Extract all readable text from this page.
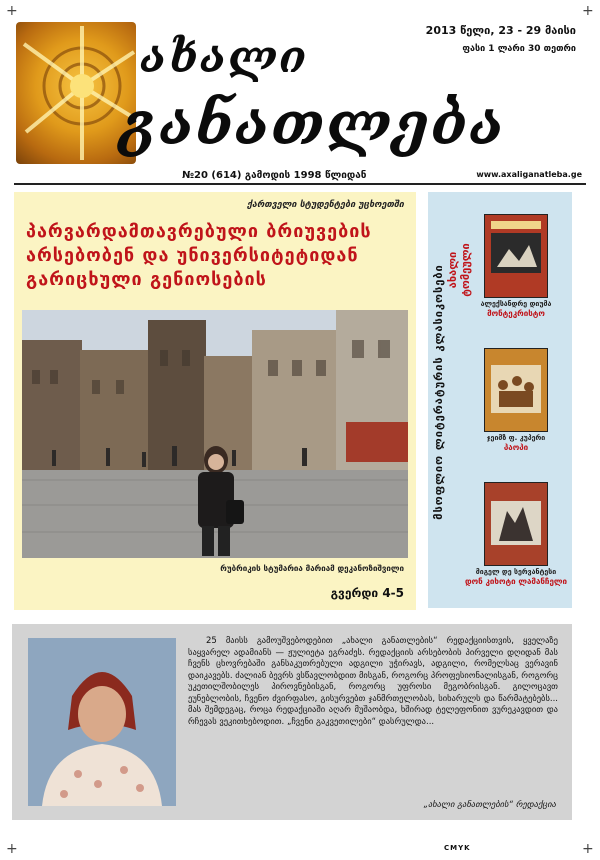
+	+
+	+
ახალი
განათლება
2013 წელი, 23 - 29 მაისი
ფასი 1 ლარი 30 თეთრი
№20 (614) გამოდის 1998 წლიდან	www.axaliganatleba.ge
ქართველი სტუდენტები უცხოეთში
პარვარდამთავრებული ბრიუვების არსებობენ და უნივერსიტეტიდან გარიცხული გენიოსების
რუბრიკის სტუმარია მარიამ დეკანოზიშვილი
გვერდი 4-5
მსოფლიო ლიტერატურის კლასიკოსები ახალი ტომეული
ალექსანდრე დიუმა
მონტეკრისტო
ჯეიმზ ფ. კუპერი
პაოპი
მიგელ დე სერვანტესი
დონ კიხოტი ლამანჩელი
25 მაისს გამოუშვებოდებით „ახალი განათლების“ რედაქციისთვის, ყველაზე საყვარელ ადამიანს — ჟულიეტა ეგრაძეს. რედაქციის არსებობის პირველი დღიდან მას ჩვენს ცხოვრებაში განსაკუთრებული ადგილი უჭირავს, ადგილი, რომელსაც ვერავინ დაიკავებს. ძალიან ბევრს ვსწავლობდით მისგან, როგორც პროფესიონალისგან, როგორც უკეთილშობილეს პიროვნებისგან, როგორც უფროსი მეგობრისგან. გილოცავთ ეუნებლობის, ჩვენო ძვირფასო, გისურვებთ ჯანმრთელობას, სიხარულს და წარმატებებს... მას შემდეგაც, როცა რედაქციაში აღარ მუშაობდა, ხშირად ტელეფონით ვურეკავდით და რჩევას ვეკითხებოდით. „ჩვენი გაკვეთილები“ დასრულდა...
„ახალი განათლების“ რედაქცია
CMYK
